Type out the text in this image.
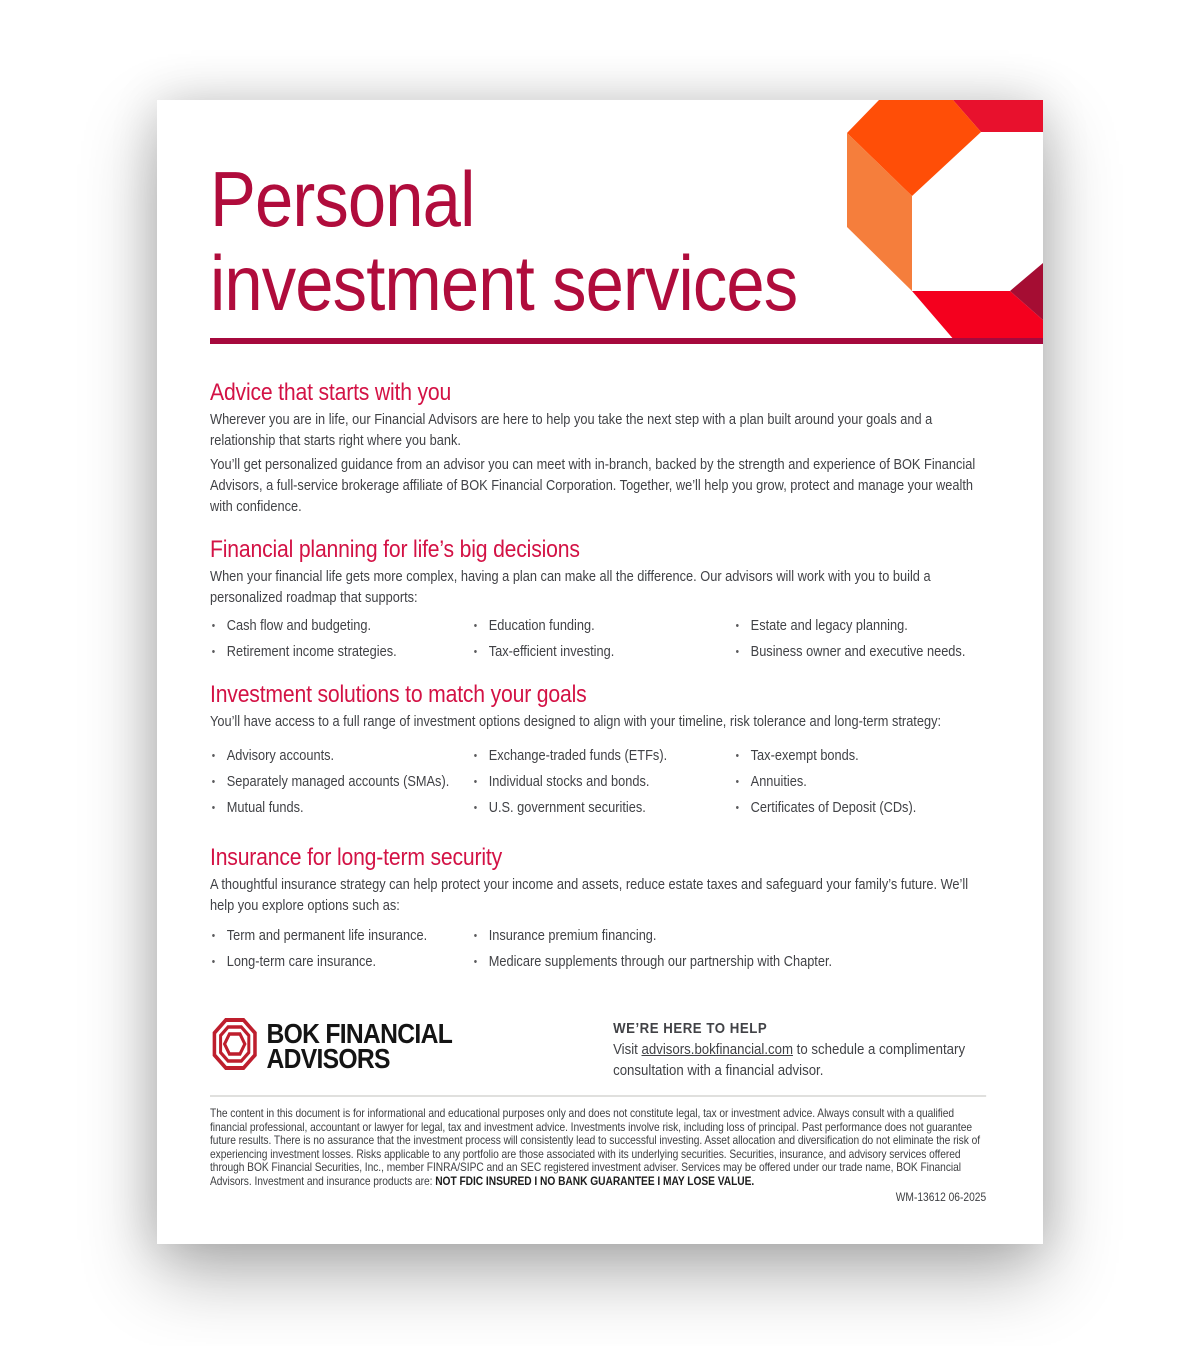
Personal
investment services
Advice that starts with you

Wherever you are in life, our Financial Advisors are here to help you take the next step with a plan built around your goals and a relationship that starts right where you bank.

You’ll get personalized guidance from an advisor you can meet with in-branch, backed by the strength and experience of BOK Financial Advisors, a full-service brokerage affiliate of BOK Financial Corporation. Together, we’ll help you grow, protect and manage your wealth with confidence.

Financial planning for life’s big decisions

When your financial life gets more complex, having a plan can make all the difference. Our advisors will work with you to build a personalized roadmap that supports:

• Cash flow and budgeting.
• Retirement income strategies.
• Education funding.
• Tax-efficient investing.
• Estate and legacy planning.
• Business owner and executive needs.
Investment solutions to match your goals

You’ll have access to a full range of investment options designed to align with your timeline, risk tolerance and long-term strategy:

• Advisory accounts.
• Separately managed accounts (SMAs).
• Mutual funds.
• Exchange-traded funds (ETFs).
• Individual stocks and bonds.
• U.S. government securities.
• Tax-exempt bonds.
• Annuities.
• Certificates of Deposit (CDs).
Insurance for long-term security

A thoughtful insurance strategy can help protect your income and assets, reduce estate taxes and safeguard your family’s future. We’ll help you explore options such as:

• Term and permanent life insurance.
• Long-term care insurance.
• Insurance premium financing.
• Medicare supplements through our partnership with Chapter.
BOK FINANCIAL
ADVISORS

WE’RE HERE TO HELP

Visit advisors.bokfinancial.com to schedule a complimentary consultation with a financial advisor.

The content in this document is for informational and educational purposes only and does not constitute legal, tax or investment advice. Always consult with a qualified financial professional, accountant or lawyer for legal, tax and investment advice. Investments involve risk, including loss of principal. Past performance does not guarantee future results. There is no assurance that the investment process will consistently lead to successful investing. Asset allocation and diversification do not eliminate the risk of experiencing investment losses. Risks applicable to any portfolio are those associated with its underlying securities. Securities, insurance, and advisory services offered through BOK Financial Securities, Inc., member FINRA/SIPC and an SEC registered investment adviser. Services may be offered under our trade name, BOK Financial Advisors. Investment and insurance products are: NOT FDIC INSURED I NO BANK GUARANTEE I MAY LOSE VALUE.

WM-13612 06-2025
